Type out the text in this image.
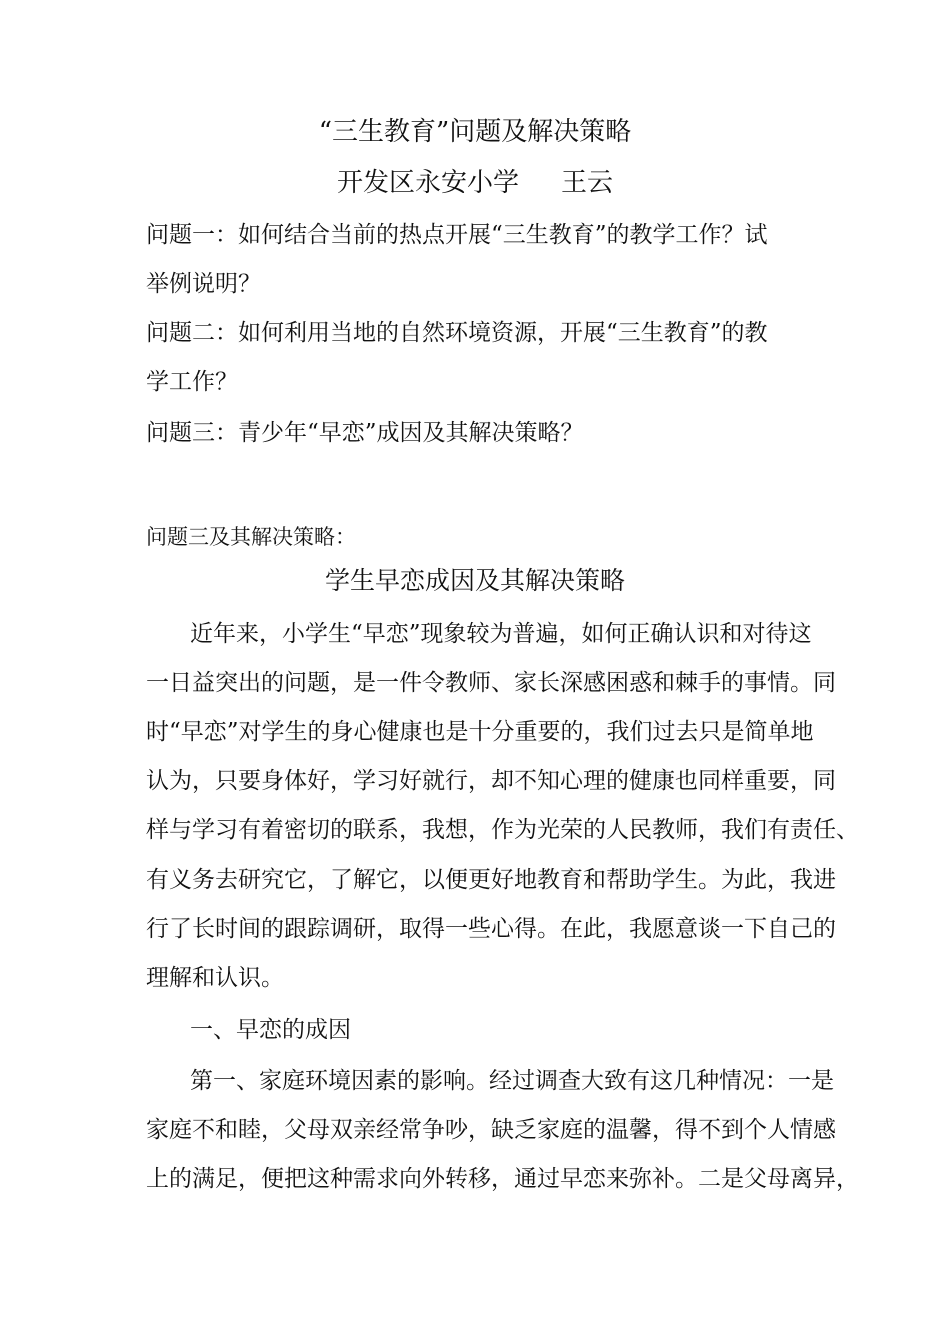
“三生教育”问题及解决策略
开发区永安小学 王云
问题一：如何结合当前的热点开展“三生教育”的教学工作？试
举例说明？
问题二：如何利用当地的自然环境资源，开展“三生教育”的教
学工作？
问题三：青少年“早恋”成因及其解决策略？
问题三及其解决策略：
学生早恋成因及其解决策略
近年来，小学生“早恋”现象较为普遍，如何正确认识和对待这
一日益突出的问题，是一件令教师、家长深感困惑和棘手的事情。同
时“早恋”对学生的身心健康也是十分重要的，我们过去只是简单地
认为，只要身体好，学习好就行，却不知心理的健康也同样重要，同
样与学习有着密切的联系，我想，作为光荣的人民教师，我们有责任、
有义务去研究它，了解它，以便更好地教育和帮助学生。为此，我进
行了长时间的跟踪调研，取得一些心得。在此，我愿意谈一下自己的
理解和认识。
一、早恋的成因
第一、家庭环境因素的影响。经过调查大致有这几种情况：一是
家庭不和睦，父母双亲经常争吵，缺乏家庭的温馨，得不到个人情感
上的满足，便把这种需求向外转移，通过早恋来弥补。二是父母离异，
